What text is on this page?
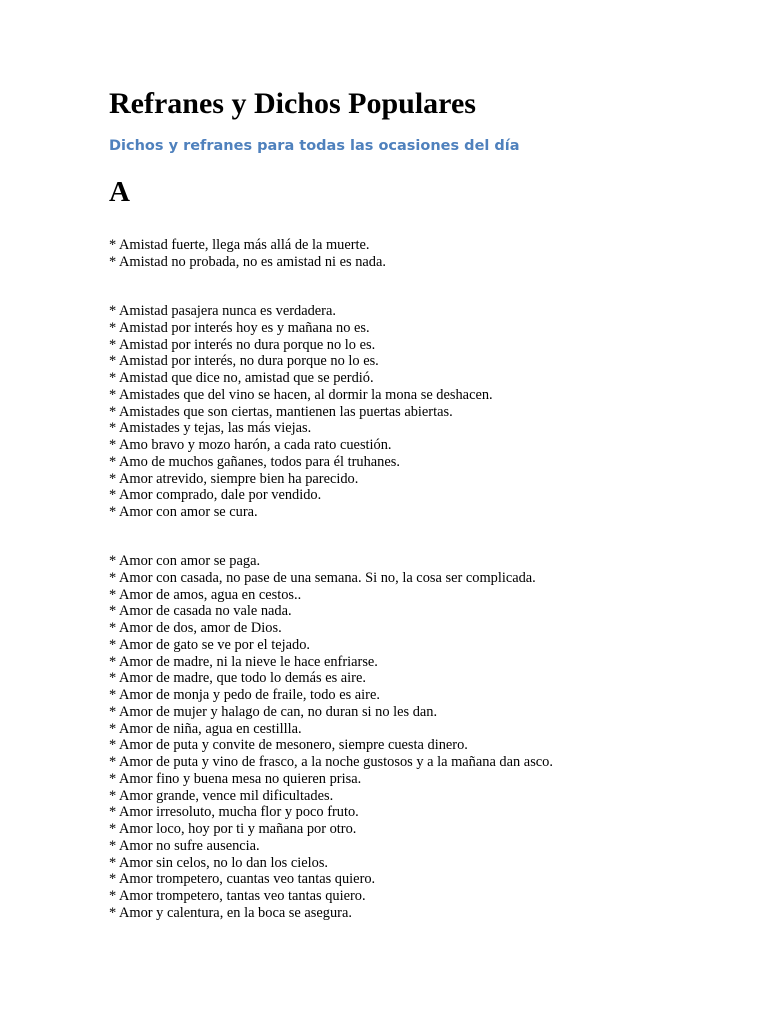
Refranes y Dichos Populares
Dichos y refranes para todas las ocasiones del día
A
* Amistad fuerte, llega más allá de la muerte.
* Amistad no probada, no es amistad ni es nada.
* Amistad pasajera nunca es verdadera.
* Amistad por interés hoy es y mañana no es.
* Amistad por interés no dura porque no lo es.
* Amistad por interés, no dura porque no lo es.
* Amistad que dice no, amistad que se perdió.
* Amistades que del vino se hacen, al dormir la mona se deshacen.
* Amistades que son ciertas, mantienen las puertas abiertas.
* Amistades y tejas, las más viejas.
* Amo bravo y mozo harón, a cada rato cuestión.
* Amo de muchos gañanes, todos para él truhanes.
* Amor atrevido, siempre bien ha parecido.
* Amor comprado, dale por vendido.
* Amor con amor se cura.
* Amor con amor se paga.
* Amor con casada, no pase de una semana. Si no, la cosa ser complicada.
* Amor de amos, agua en cestos..
* Amor de casada no vale nada.
* Amor de dos, amor de Dios.
* Amor de gato se ve por el tejado.
* Amor de madre, ni la nieve le hace enfriarse.
* Amor de madre, que todo lo demás es aire.
* Amor de monja y pedo de fraile, todo es aire.
* Amor de mujer y halago de can, no duran si no les dan.
* Amor de niña, agua en cestillla.
* Amor de puta y convite de mesonero, siempre cuesta dinero.
* Amor de puta y vino de frasco, a la noche gustosos y a la mañana dan asco.
* Amor fino y buena mesa no quieren prisa.
* Amor grande, vence mil dificultades.
* Amor irresoluto, mucha flor y poco fruto.
* Amor loco, hoy por ti y mañana por otro.
* Amor no sufre ausencia.
* Amor sin celos, no lo dan los cielos.
* Amor trompetero, cuantas veo tantas quiero.
* Amor trompetero, tantas veo tantas quiero.
* Amor y calentura, en la boca se asegura.
